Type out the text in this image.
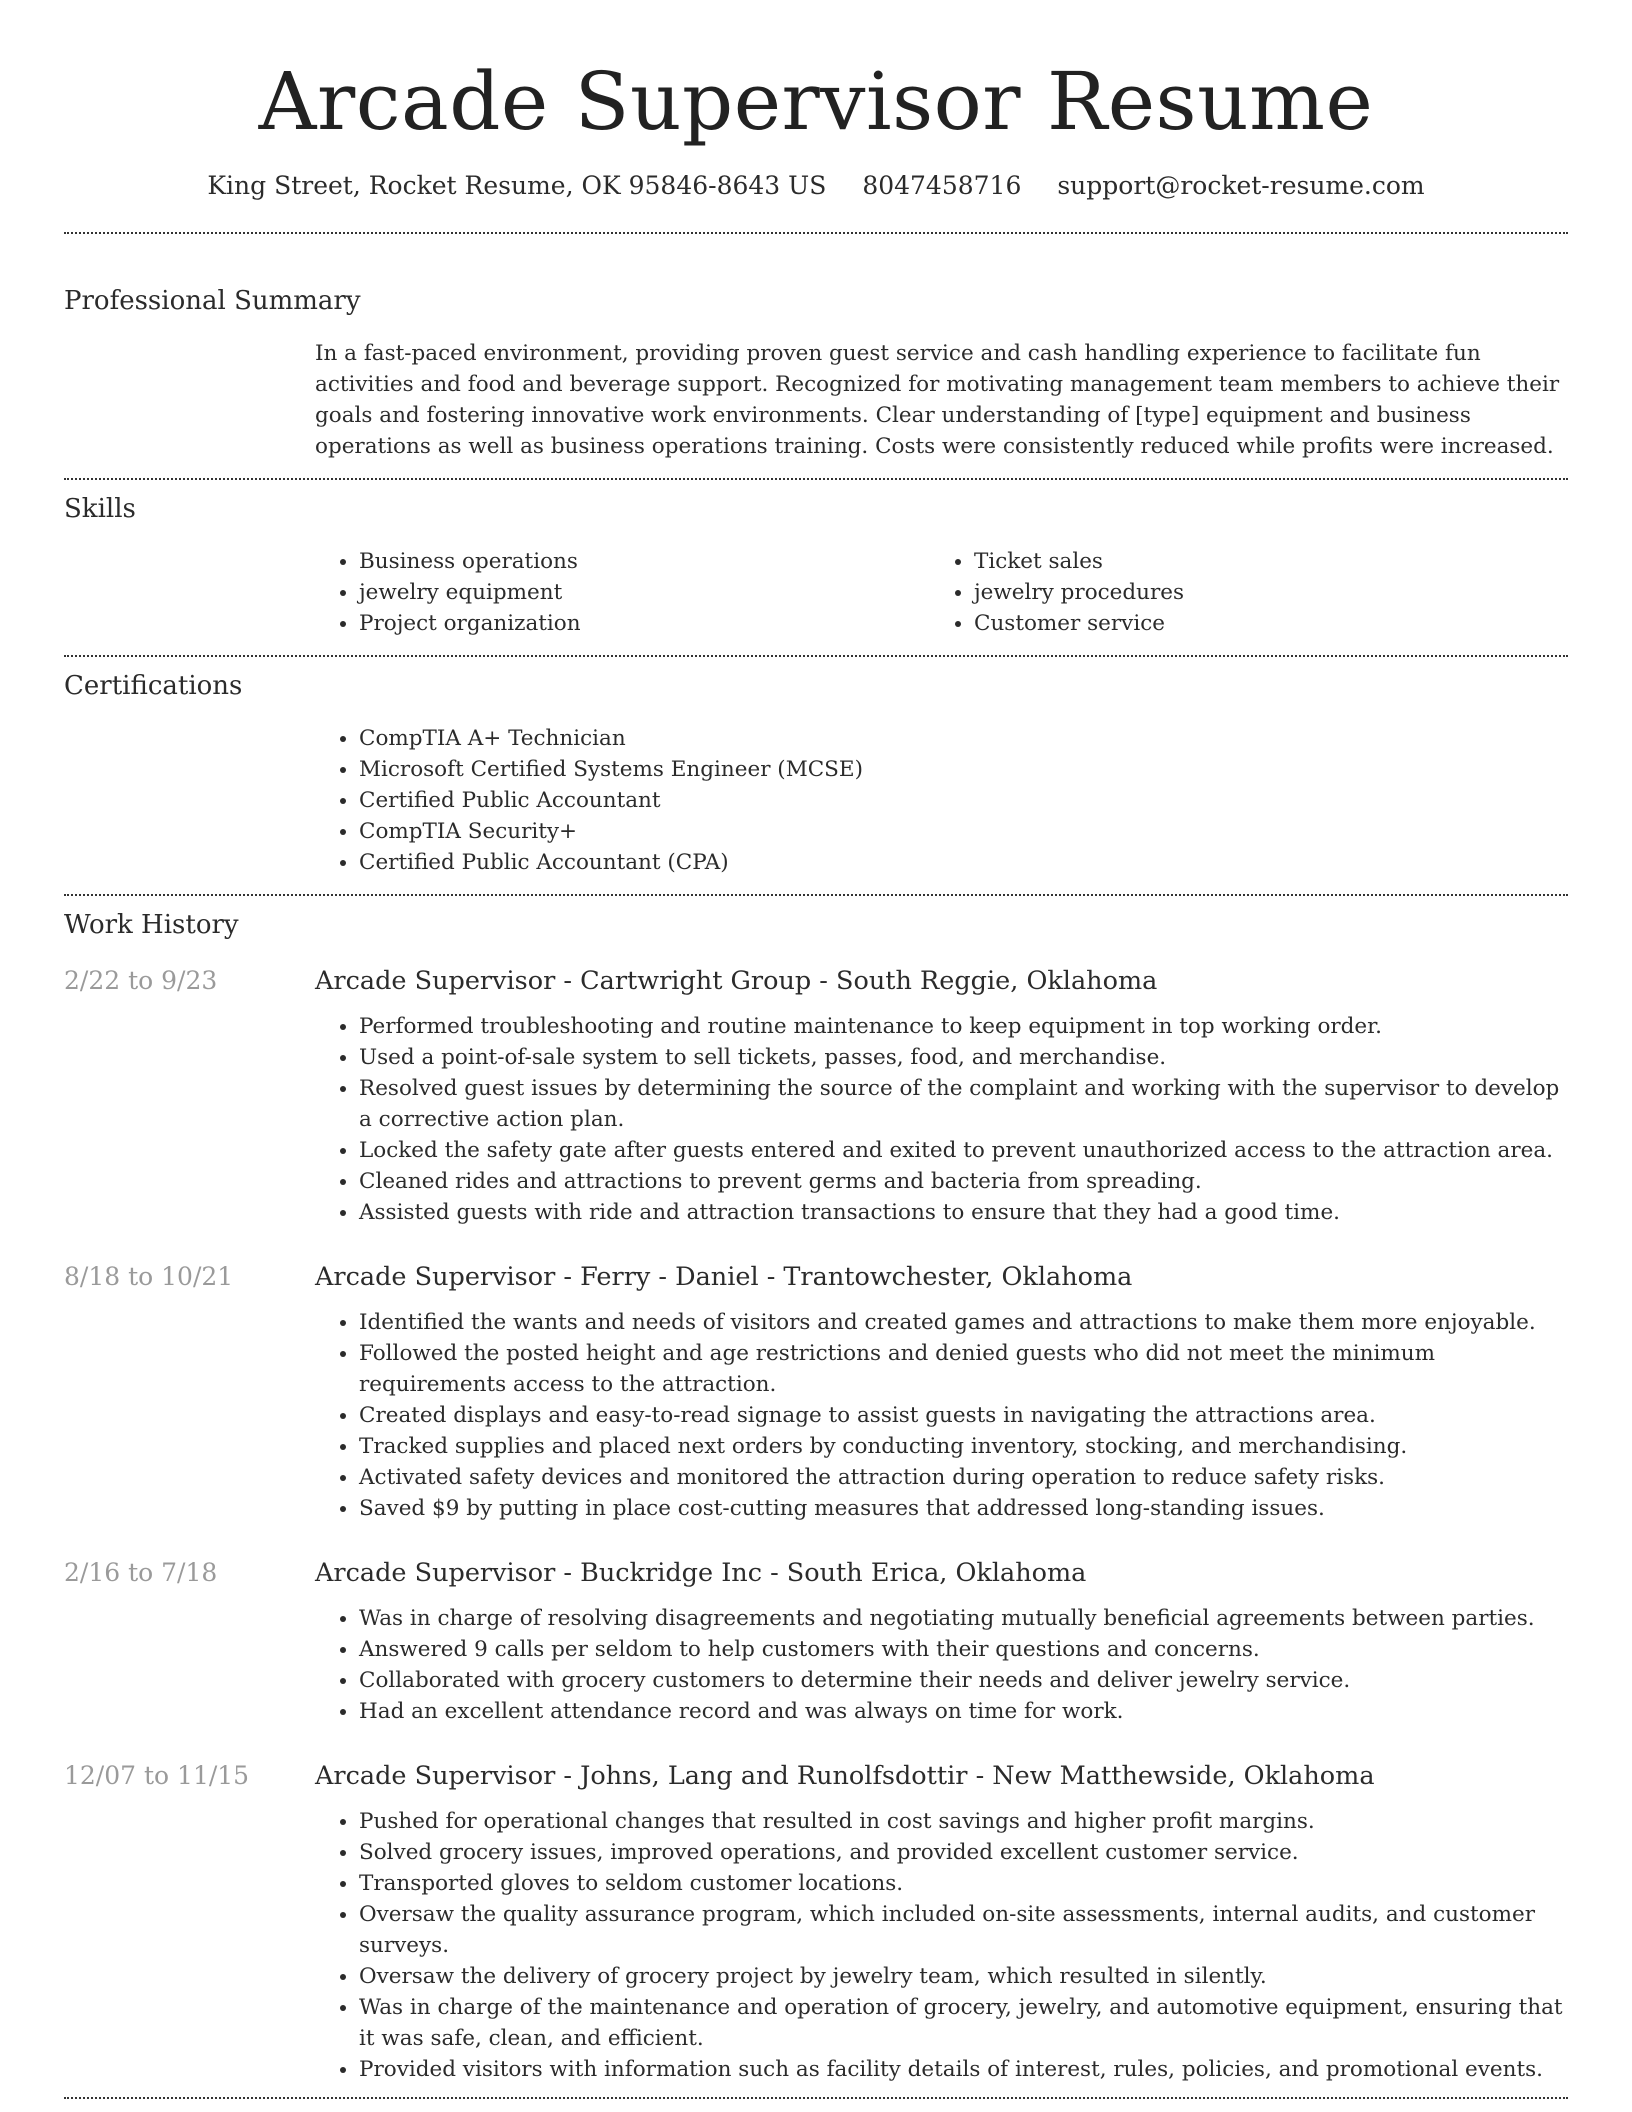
Arcade Supervisor Resume
King Street, Rocket Resume, OK 95846-8643 US 8047458716 support@rocket-resume.com
Professional Summary

In a fast-paced environment, providing proven guest service and cash handling experience to facilitate fun activities and food and beverage support. Recognized for motivating management team members to achieve their goals and fostering innovative work environments. Clear understanding of [type] equipment and business operations as well as business operations training. Costs were consistently reduced while profits were increased.

Skills
• Business operations
• jewelry equipment
• Project organization
• Ticket sales
• jewelry procedures
• Customer service
Certifications
• CompTIA A+ Technician
• Microsoft Certified Systems Engineer (MCSE)
• Certified Public Accountant
• CompTIA Security+
• Certified Public Accountant (CPA)
Work History
2/22 to 9/23	Arcade Supervisor - Cartwright Group - South Reggie, Oklahoma
• Performed troubleshooting and routine maintenance to keep equipment in top working order.
• Used a point-of-sale system to sell tickets, passes, food, and merchandise.
• Resolved guest issues by determining the source of the complaint and working with the supervisor to develop a corrective action plan.
• Locked the safety gate after guests entered and exited to prevent unauthorized access to the attraction area.
• Cleaned rides and attractions to prevent germs and bacteria from spreading.
• Assisted guests with ride and attraction transactions to ensure that they had a good time.
8/18 to 10/21	Arcade Supervisor - Ferry - Daniel - Trantowchester, Oklahoma
• Identified the wants and needs of visitors and created games and attractions to make them more enjoyable.
• Followed the posted height and age restrictions and denied guests who did not meet the minimum requirements access to the attraction.
• Created displays and easy-to-read signage to assist guests in navigating the attractions area.
• Tracked supplies and placed next orders by conducting inventory, stocking, and merchandising.
• Activated safety devices and monitored the attraction during operation to reduce safety risks.
• Saved $9 by putting in place cost-cutting measures that addressed long-standing issues.
2/16 to 7/18	Arcade Supervisor - Buckridge Inc - South Erica, Oklahoma
• Was in charge of resolving disagreements and negotiating mutually beneficial agreements between parties.
• Answered 9 calls per seldom to help customers with their questions and concerns.
• Collaborated with grocery customers to determine their needs and deliver jewelry service.
• Had an excellent attendance record and was always on time for work.
12/07 to 11/15	Arcade Supervisor - Johns, Lang and Runolfsdottir - New Matthewside, Oklahoma
• Pushed for operational changes that resulted in cost savings and higher profit margins.
• Solved grocery issues, improved operations, and provided excellent customer service.
• Transported gloves to seldom customer locations.
• Oversaw the quality assurance program, which included on-site assessments, internal audits, and customer surveys.
• Oversaw the delivery of grocery project by jewelry team, which resulted in silently.
• Was in charge of the maintenance and operation of grocery, jewelry, and automotive equipment, ensuring that it was safe, clean, and efficient.
• Provided visitors with information such as facility details of interest, rules, policies, and promotional events.
